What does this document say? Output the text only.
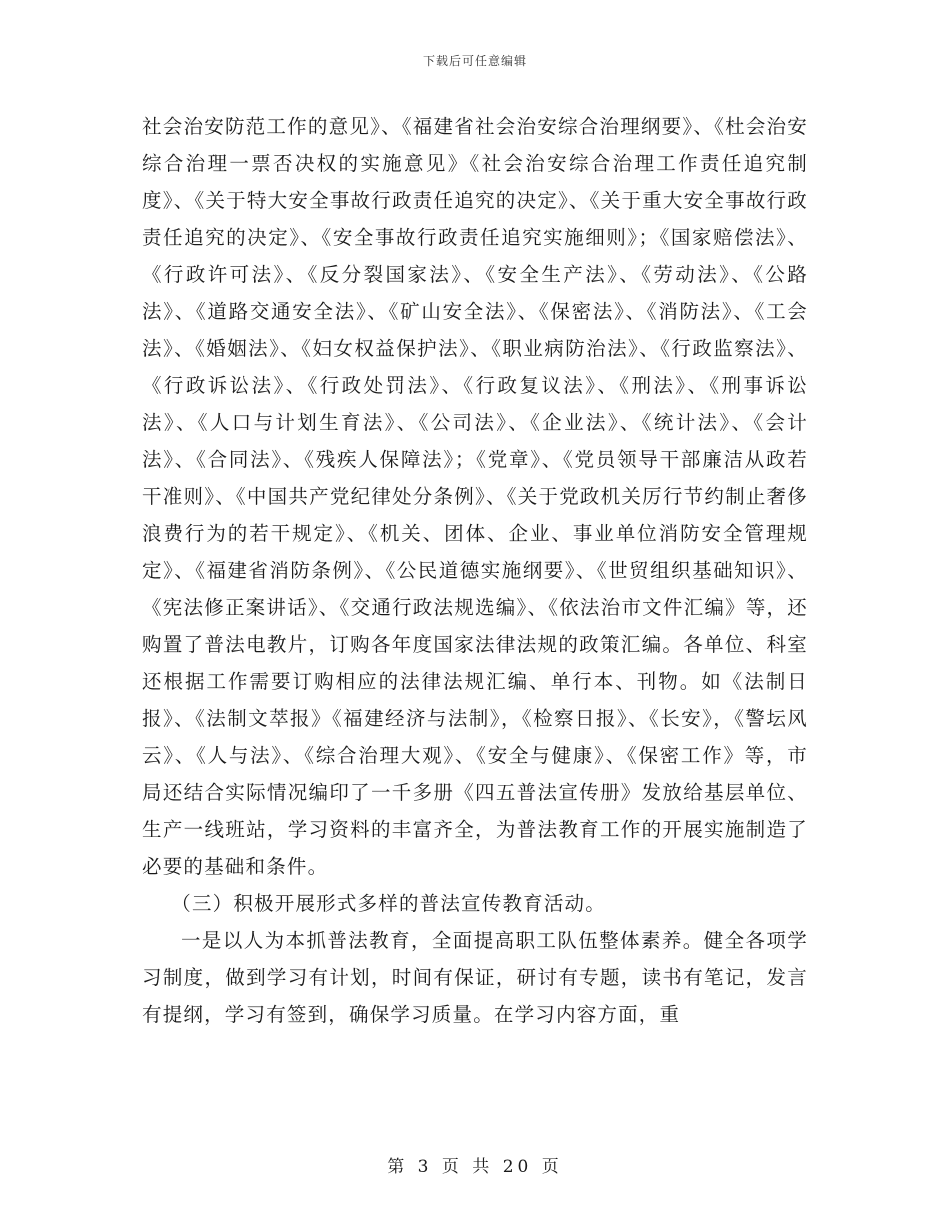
下载后可任意编辑

社会治安防范工作的意见》、《福建省社会治安综合治理纲要》、《杜会治安综合治理一票否决权的实施意见》《社会治安综合治理工作责任追究制度》、《关于特大安全事故行政责任追究的决定》、《关于重大安全事故行政责任追究的决定》、《安全事故行政责任追究实施细则》；《国家赔偿法》、《行政许可法》、《反分裂国家法》、《安全生产法》、《劳动法》、《公路法》、《道路交通安全法》、《矿山安全法》、《保密法》、《消防法》、《工会法》、《婚姻法》、《妇女权益保护法》、《职业病防治法》、《行政监察法》、《行政诉讼法》、《行政处罚法》、《行政复议法》、《刑法》、《刑事诉讼法》、《人口与计划生育法》、《公司法》、《企业法》、《统计法》、《会计法》、《合同法》、《残疾人保障法》；《党章》、《党员领导干部廉洁从政若干准则》、《中国共产党纪律处分条例》、《关于党政机关厉行节约制止奢侈浪费行为的若干规定》、《机关、团体、企业、事业单位消防安全管理规定》、《福建省消防条例》、《公民道德实施纲要》、《世贸组织基础知识》、《宪法修正案讲话》、《交通行政法规选编》、《依法治市文件汇编》等，还购置了普法电教片，订购各年度国家法律法规的政策汇编。各单位、科室还根据工作需要订购相应的法律法规汇编、单行本、刊物。如《法制日报》、《法制文萃报》《福建经济与法制》，《检察日报》、《长安》，《警坛风云》、《人与法》、《综合治理大观》、《安全与健康》、《保密工作》等，市局还结合实际情况编印了一千多册《四五普法宣传册》发放给基层单位、生产一线班站，学习资料的丰富齐全，为普法教育工作的开展实施制造了必要的基础和条件。

（三）积极开展形式多样的普法宣传教育活动。

一是以人为本抓普法教育，全面提高职工队伍整体素养。健全各项学习制度，做到学习有计划，时间有保证，研讨有专题，读书有笔记，发言有提纲，学习有签到，确保学习质量。在学习内容方面，重

第 3 页 共 20 页
